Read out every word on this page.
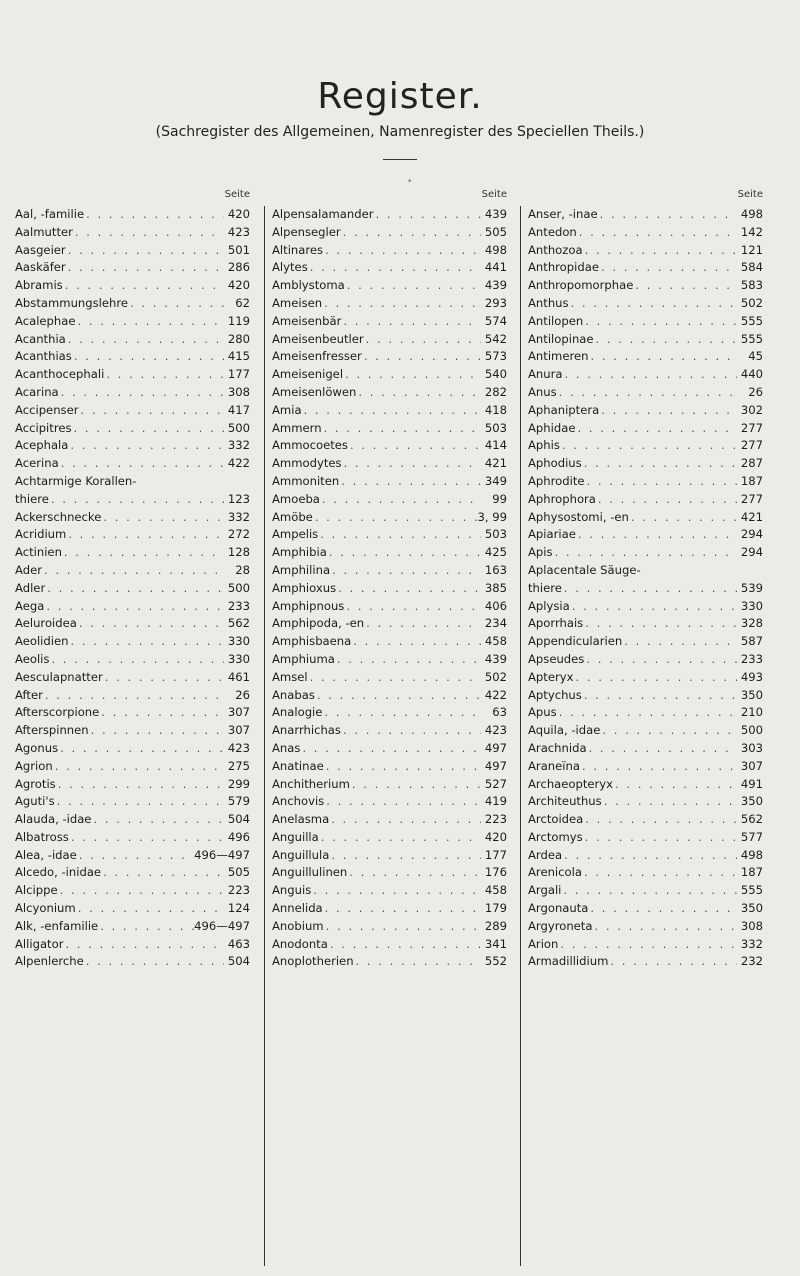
Register.
(Sachregister des Allgemeinen, Namenregister des Speciellen Theils.)
*
Seite
Aal, -familie . . .	420
Aalmutter . . .	423
Aasgeier . . .	501
Aaskäfer . . .	286
Abramis . . .	420
Abstammungslehre . . .	62
Acalephae . . .	119
Acanthia . . .	280
Acanthias . . .	415
Acanthocephali . . .	177
Acarina . . .	308
Accipenser . . .	417
Accipitres . . .	500
Acephala . . .	332
Acerina . . .	422
Achtarmige Korallen-
thiere . . .	123
Ackerschnecke . . .	332
Acridium . . .	272
Actinien . . .	128
Ader . . .	28
Adler . . .	500
Aega . . .	233
Aeluroidea . . .	562
Aeolidien . . .	330
Aeolis . . .	330
Aesculapnatter . . .	461
After . . .	26
Afterscorpione . . .	307
Afterspinnen . . .	307
Agonus . . .	423
Agrion . . .	275
Agrotis . . .	299
Aguti's . . .	579
Alauda, -idae . . .	504
Albatross . . .	496
Alea, -idae . . .	496—497
Alcedo, -inidae . . .	505
Alcippe . . .	223
Alcyonium . . .	124
Alk, -enfamilie . . .	496—497
Alligator . . .	463
Alpenlerche . . .	504
Seite
Alpensalamander . . .	439
Alpensegler . . .	505
Altinares . . .	498
Alytes . . .	441
Amblystoma . . .	439
Ameisen . . .	293
Ameisenbär . . .	574
Ameisenbeutler . . .	542
Ameisenfresser . . .	573
Ameisenigel . . .	540
Ameisenlöwen . . .	282
Amia . . .	418
Ammern . . .	503
Ammocoetes . . .	414
Ammodytes . . .	421
Ammoniten . . .	349
Amoeba . . .	99
Amöbe . . .	3, 99
Ampelis . . .	503
Amphibia . . .	425
Amphilina . . .	163
Amphioxus . . .	385
Amphipnous . . .	406
Amphipoda, -en . . .	234
Amphisbaena . . .	458
Amphiuma . . .	439
Amsel . . .	502
Anabas . . .	422
Analogie . . .	63
Anarrhichas . . .	423
Anas . . .	497
Anatinae . . .	497
Anchitherium . . .	527
Anchovis . . .	419
Anelasma . . .	223
Anguilla . . .	420
Anguillula . . .	177
Anguillulinen . . .	176
Anguis . . .	458
Annelida . . .	179
Anobium . . .	289
Anodonta . . .	341
Anoplotherien . . .	552
Seite
Anser, -inae . . .	498
Antedon . . .	142
Anthozoa . . .	121
Anthropidae . . .	584
Anthropomorphae . . .	583
Anthus . . .	502
Antilopen . . .	555
Antilopinae . . .	555
Antimeren . . .	45
Anura . . .	440
Anus . . .	26
Aphaniptera . . .	302
Aphidae . . .	277
Aphis . . .	277
Aphodius . . .	287
Aphrodite . . .	187
Aphrophora . . .	277
Aphysostomi, -en . . .	421
Apiariae . . .	294
Apis . . .	294
Aplacentale Säuge-
thiere . . .	539
Aplysia . . .	330
Aporrhais . . .	328
Appendicularien . . .	587
Apseudes . . .	233
Apteryx . . .	493
Aptychus . . .	350
Apus . . .	210
Aquila, -idae . . .	500
Arachnida . . .	303
Araneïna . . .	307
Archaeopteryx . . .	491
Architeuthus . . .	350
Arctoidea . . .	562
Arctomys . . .	577
Ardea . . .	498
Arenicola . . .	187
Argali . . .	555
Argonauta . . .	350
Argyroneta . . .	308
Arion . . .	332
Armadillidium . . .	232
